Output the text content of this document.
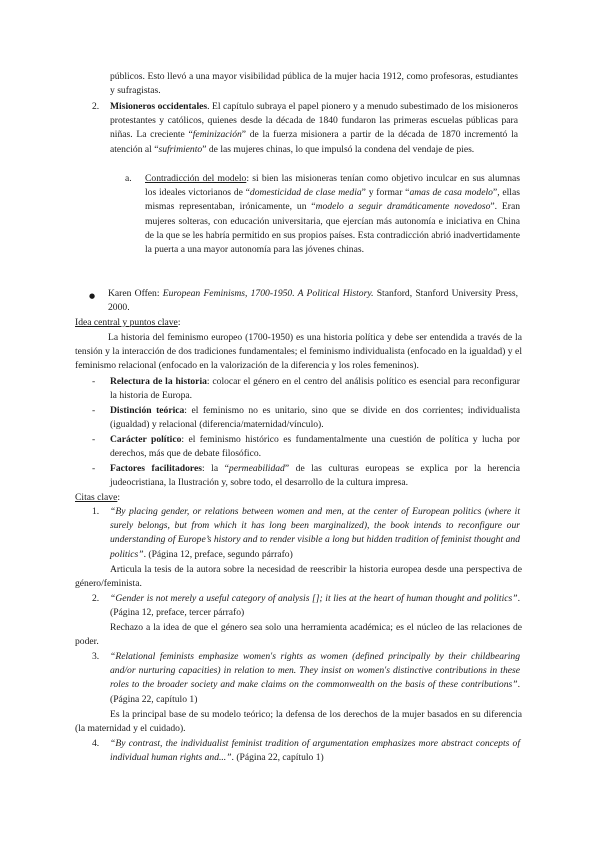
públicos. Esto llevó a una mayor visibilidad pública de la mujer hacia 1912, como profesoras, estudiantes y sufragistas.

2. Misioneros occidentales. El capítulo subraya el papel pionero y a menudo subestimado de los misioneros protestantes y católicos, quienes desde la década de 1840 fundaron las primeras escuelas públicas para niñas. La creciente “feminización” de la fuerza misionera a partir de la década de 1870 incrementó la atención al “sufrimiento” de las mujeres chinas, lo que impulsó la condena del vendaje de pies.

a. Contradicción del modelo: si bien las misioneras tenían como objetivo inculcar en sus alumnas los ideales victorianos de “domesticidad de clase media” y formar “amas de casa modelo”, ellas mismas representaban, irónicamente, un “modelo a seguir dramáticamente novedoso”. Eran mujeres solteras, con educación universitaria, que ejercían más autonomía e iniciativa en China de la que se les habría permitido en sus propios países. Esta contradicción abrió inadvertidamente la puerta a una mayor autonomía para las jóvenes chinas.

● Karen Offen: European Feminisms, 1700-1950. A Political History. Stanford, Stanford University Press, 2000.

Idea central y puntos clave:

La historia del feminismo europeo (1700-1950) es una historia política y debe ser entendida a través de la tensión y la interacción de dos tradiciones fundamentales; el feminismo individualista (enfocado en la igualdad) y el feminismo relacional (enfocado en la valorización de la diferencia y los roles femeninos).

- Relectura de la historia: colocar el género en el centro del análisis político es esencial para reconfigurar la historia de Europa.

- Distinción teórica: el feminismo no es unitario, sino que se divide en dos corrientes; individualista (igualdad) y relacional (diferencia/maternidad/vínculo).

- Carácter político: el feminismo histórico es fundamentalmente una cuestión de política y lucha por derechos, más que de debate filosófico.

- Factores facilitadores: la “permeabilidad” de las culturas europeas se explica por la herencia judeocristiana, la Ilustración y, sobre todo, el desarrollo de la cultura impresa.

Citas clave:

1. “By placing gender, or relations between women and men, at the center of European politics (where it surely belongs, but from which it has long been marginalized), the book intends to reconfigure our understanding of Europe’s history and to render visible a long but hidden tradition of feminist thought and politics”. (Página 12, preface, segundo párrafo)

Articula la tesis de la autora sobre la necesidad de reescribir la historia europea desde una perspectiva de género/feminista.

2. “Gender is not merely a useful category of analysis []; it lies at the heart of human thought and politics”. (Página 12, preface, tercer párrafo)

Rechazo a la idea de que el género sea solo una herramienta académica; es el núcleo de las relaciones de poder.

3. “Relational feminists emphasize women's rights as women (defined principally by their childbearing and/or nurturing capacities) in relation to men. They insist on women's distinctive contributions in these roles to the broader society and make claims on the commonwealth on the basis of these contributions”. (Página 22, capítulo 1)

Es la principal base de su modelo teórico; la defensa de los derechos de la mujer basados en su diferencia (la maternidad y el cuidado).

4. “By contrast, the individualist feminist tradition of argumentation emphasizes more abstract concepts of individual human rights and...”. (Página 22, capítulo 1)
